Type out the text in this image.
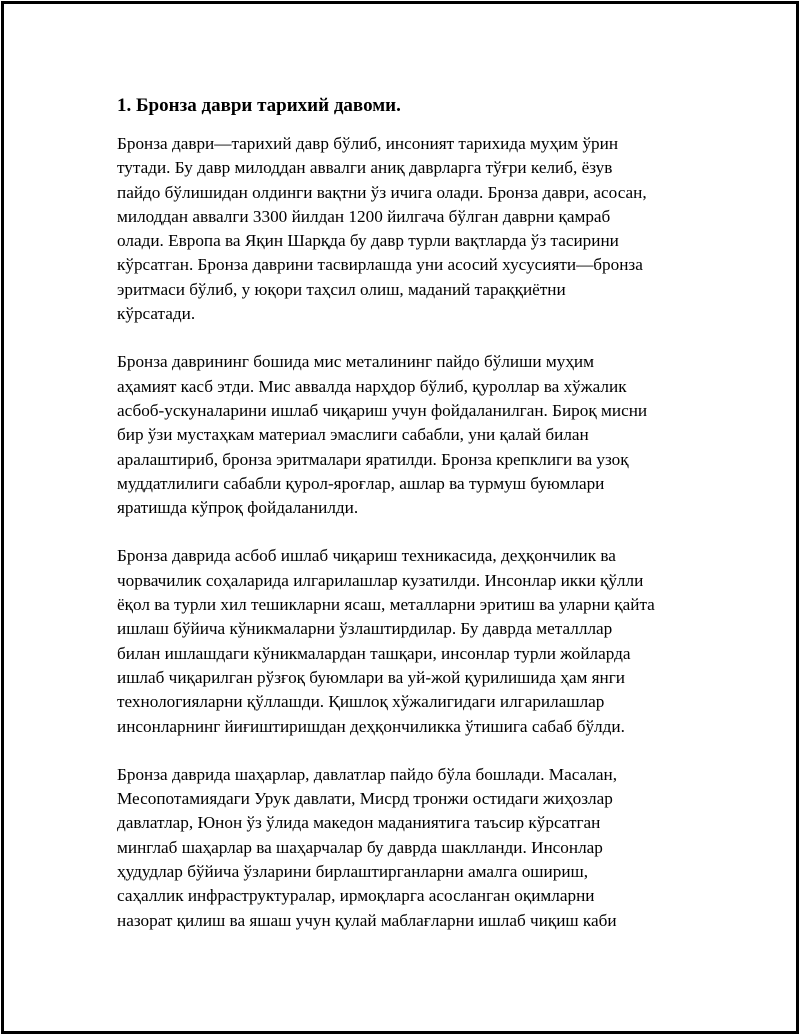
1. Бронза даври тарихий давоми.

Бронза даври—тарихий давр бўлиб, инсоният тарихида муҳим ўрин
тутади. Бу давр милоддан аввалги аниқ даврларга тўғри келиб, ёзув
пайдо бўлишидан олдинги вақтни ўз ичига олади. Бронза даври, асосан,
милоддан аввалги 3300 йилдан 1200 йилгача бўлган даврни қамраб
олади. Европа ва Яқин Шарқда бу давр турли вақтларда ўз тасирини
кўрсатган. Бронза даврини тасвирлашда уни асосий хусусияти—бронза
эритмаси бўлиб, у юқори таҳсил олиш, маданий тараққиётни
кўрсатади.

Бронза даврининг бошида мис металининг пайдо бўлиши муҳим
аҳамият касб этди. Мис аввалда нарҳдор бўлиб, қуроллар ва хўжалик
асбоб-ускуналарини ишлаб чиқариш учун фойдаланилган. Бироқ мисни
бир ўзи мустаҳкам материал эмаслиги сабабли, уни қалай билан
аралаштириб, бронза эритмалари яратилди. Бронза крепклиги ва узоқ
муддатлилиги сабабли қурол-яроғлар, ашлар ва турмуш буюмлари
яратишда кўпроқ фойдаланилди.

Бронза даврида асбоб ишлаб чиқариш техникасида, деҳқончилик ва
чорвачилик соҳаларида илгарилашлар кузатилди. Инсонлар икки қўлли
ёқол ва турли хил тешикларни ясаш, металларни эритиш ва уларни қайта
ишлаш бўйича кўникмаларни ўзлаштирдилар. Бу даврда металллар
билан ишлашдаги кўникмалардан ташқари, инсонлар турли жойларда
ишлаб чиқарилган рўзғоқ буюмлари ва уй-жой қурилишида ҳам янги
технологияларни қўллашди. Қишлоқ хўжалигидаги илгарилашлар
инсонларнинг йиғиштиришдан деҳқончиликка ўтишига сабаб бўлди.

Бронза даврида шаҳарлар, давлатлар пайдо бўла бошлади. Масалан,
Месопотамиядаги Урук давлати, Мисрд тронжи остидаги жиҳозлар
давлатлар, Юнон ўз ўлида македон маданиятига таъсир кўрсатган
минглаб шаҳарлар ва шаҳарчалар бу даврда шаклланди. Инсонлар
ҳудудлар бўйича ўзларини бирлаштирганларни амалга ошириш,
саҳаллик инфраструктуралар, ирмоқларга асосланган оқимларни
назорат қилиш ва яшаш учун қулай маблағларни ишлаб чиқиш каби
